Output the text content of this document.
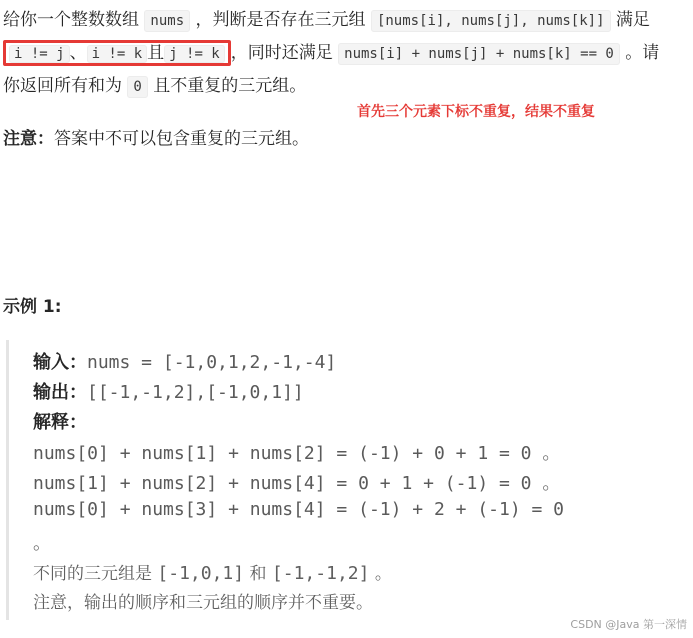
给你一个整数数组 nums ，判断是否存在三元组 [nums[i], nums[j], nums[k]] 满足i != j 、 i != k 且 j != k ，同时还满足 nums[i] + nums[j] + nums[k] == 0 。请你返回所有和为 0 且不重复的三元组。

首先三个元素下标不重复，结果不重复
注意：答案中不可以包含重复的三元组。
示例 1:
输入：nums = [-1,0,1,2,-1,-4]
输出：[[-1,-1,2],[-1,0,1]]
解释：
nums[0] + nums[1] + nums[2] = (-1) + 0 + 1 = 0 。
nums[1] + nums[2] + nums[4] = 0 + 1 + (-1) = 0 。
nums[0] + nums[3] + nums[4] = (-1) + 2 + (-1) = 0
。
不同的三元组是 [-1,0,1] 和 [-1,-1,2] 。
注意，输出的顺序和三元组的顺序并不重要。
CSDN @Java 第一深情
